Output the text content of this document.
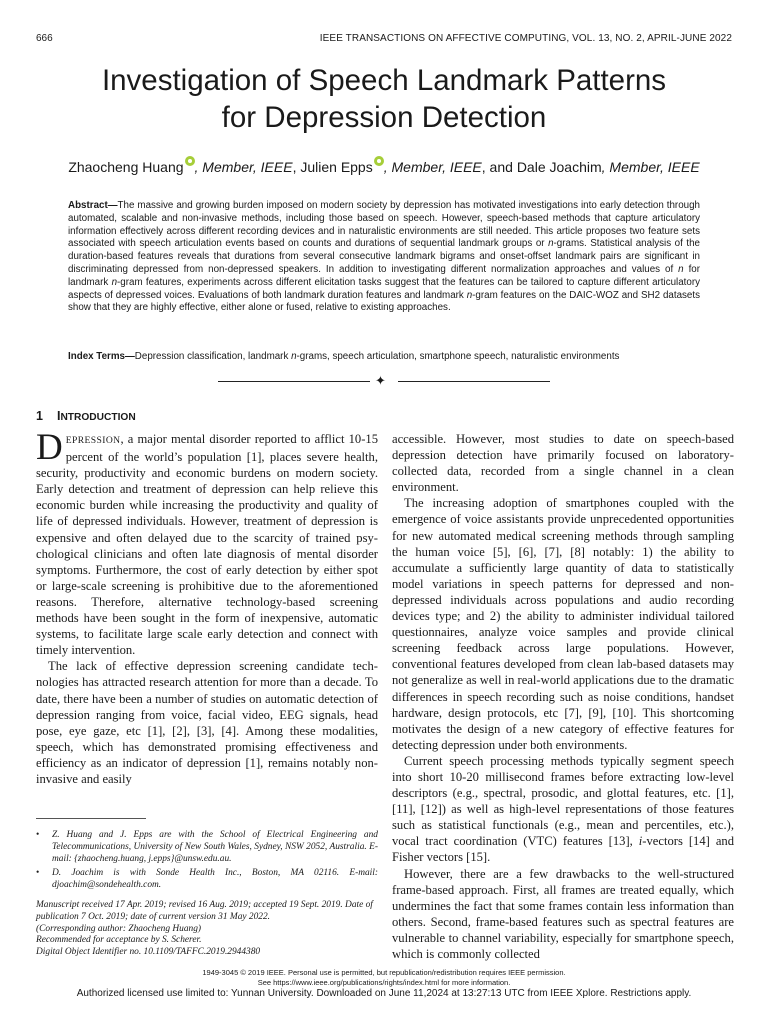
666	IEEE TRANSACTIONS ON AFFECTIVE COMPUTING, VOL. 13, NO. 2, APRIL-JUNE 2022
Investigation of Speech Landmark Patterns
for Depression Detection
Zhaocheng Huang , Member, IEEE, Julien Epps , Member, IEEE, and Dale Joachim, Member, IEEE
Abstract—The massive and growing burden imposed on modern society by depression has motivated investigations into early detection through automated, scalable and non-invasive methods, including those based on speech. However, speech-based methods that capture articulatory information effectively across different recording devices and in naturalistic environments are still needed. This article proposes two feature sets associated with speech articulation events based on counts and durations of sequential landmark groups or n-grams. Statistical analysis of the duration-based features reveals that durations from several consecutive landmark bigrams and onset-offset landmark pairs are significant in discriminating depressed from non-depressed speakers. In addition to investigating different normalization approaches and values of n for landmark n-gram features, experiments across different elicitation tasks suggest that the features can be tailored to capture different articulatory aspects of depressed voices. Evaluations of both landmark duration features and landmark n-gram features on the DAIC-WOZ and SH2 datasets show that they are highly effective, either alone or fused, relative to existing approaches.
Index Terms—Depression classification, landmark n-grams, speech articulation, smartphone speech, naturalistic environments
✦
1 INTRODUCTION

DEPRESSION, a major mental disorder reported to afflict 10-15 percent of the world’s population [1], places severe health, security, productivity and economic burdens on modern society. Early detection and treatment of depression can help relieve this economic burden while increasing the productivity and quality of life of depressed individuals. However, treatment of depression is expensive and often delayed due to the scarcity of trained psychological clinicians and often late diagnosis of mental disorder symptoms. Furthermore, the cost of early detection by either spot or large-scale screening is prohibitive due to the aforementioned reasons. Therefore, alternative technology-based screening methods have been sought in the form of inexpensive, automatic systems, to facilitate large scale early detection and connect with timely intervention.

The lack of effective depression screening candidate technologies has attracted research attention for more than a decade. To date, there have been a number of studies on automatic detection of depression ranging from voice, facial video, EEG signals, head pose, eye gaze, etc [1], [2], [3], [4]. Among these modalities, speech, which has demonstrated promising effectiveness and efficiency as an indicator of depression [1], remains notably non-invasive and easily

accessible. However, most studies to date on speech-based depression detection have primarily focused on laboratory-collected data, recorded from a single channel in a clean environment.

The increasing adoption of smartphones coupled with the emergence of voice assistants provide unprecedented opportunities for new automated medical screening methods through sampling the human voice [5], [6], [7], [8] notably: 1) the ability to accumulate a sufficiently large quantity of data to statistically model variations in speech patterns for depressed and non-depressed individuals across populations and audio recording devices type; and 2) the ability to administer individual tailored questionnaires, analyze voice samples and provide clinical screening feedback across large populations. However, conventional features developed from clean lab-based datasets may not generalize as well in real-world applications due to the dramatic differences in speech recording such as noise conditions, handset hardware, design protocols, etc [7], [9], [10]. This shortcoming motivates the design of a new category of effective features for detecting depression under both environments.

Current speech processing methods typically segment speech into short 10-20 millisecond frames before extracting low-level descriptors (e.g., spectral, prosodic, and glottal features, etc. [1], [11], [12]) as well as high-level representations of those features such as statistical functionals (e.g., mean and percentiles, etc.), vocal tract coordination (VTC) features [13], i-vectors [14] and Fisher vectors [15].

However, there are a few drawbacks to the well-structured frame-based approach. First, all frames are treated equally, which undermines the fact that some frames contain less information than others. Second, frame-based features such as spectral features are vulnerable to channel variability, especially for smartphone speech, which is commonly collected

• Z. Huang and J. Epps are with the School of Electrical Engineering and Telecommunications, University of New South Wales, Sydney, NSW 2052, Australia. E-mail: {zhaocheng.huang, j.epps}@unsw.edu.au.
• D. Joachim is with Sonde Health Inc., Boston, MA 02116. E-mail: djoachim@sondehealth.com.

Manuscript received 17 Apr. 2019; revised 16 Aug. 2019; accepted 19 Sept. 2019. Date of publication 7 Oct. 2019; date of current version 31 May 2022.

(Corresponding author: Zhaocheng Huang)

Recommended for acceptance by S. Scherer.

Digital Object Identifier no. 10.1109/TAFFC.2019.2944380

1949-3045 © 2019 IEEE. Personal use is permitted, but republication/redistribution requires IEEE permission.
See https://www.ieee.org/publications/rights/index.html for more information.
Authorized licensed use limited to: Yunnan University. Downloaded on June 11,2024 at 13:27:13 UTC from IEEE Xplore. Restrictions apply.
